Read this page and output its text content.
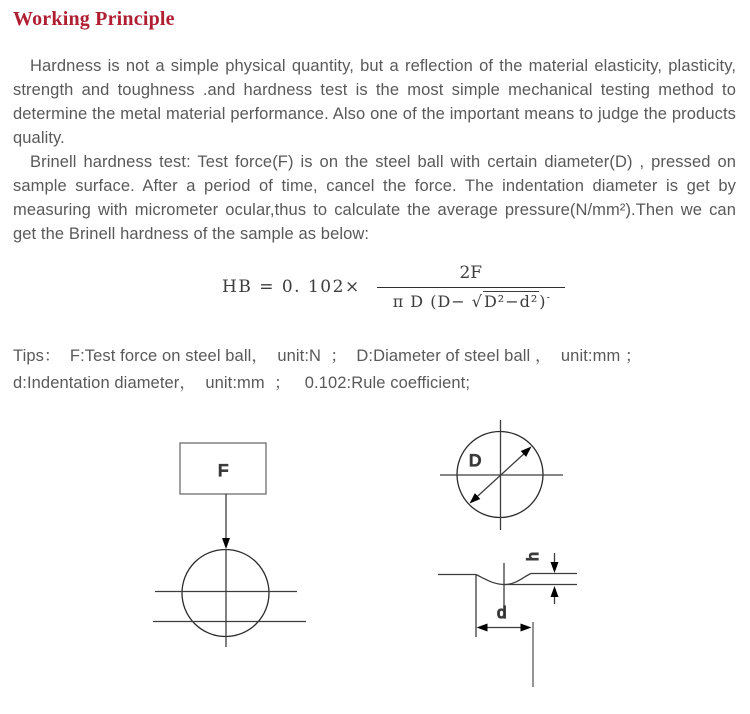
Working Principle

Hardness is not a simple physical quantity, but a reflection of the material elasticity, plasticity, strength and toughness .and hardness test is the most simple mechanical testing method to determine the metal material performance. Also one of the important means to judge the products quality.

Brinell hardness test: Test force(F) is on the steel ball with certain diameter(D) , pressed on sample surface. After a period of time, cancel the force. The indentation diameter is get by measuring with micrometer ocular,thus to calculate the average pressure(N/mm²).Then we can get the Brinell hardness of the sample as below:

HB = 0. $102\times \frac{2F}{\pi D (D- √D^2-d^2)^-}$
Tips：  F:Test force on steel ball，  unit:N  ；  D:Diameter of steel ball ，  unit:mm ；
d:Indentation diameter，  unit:mm  ；   0.102:Rule coefficient;
F
D
h
d
